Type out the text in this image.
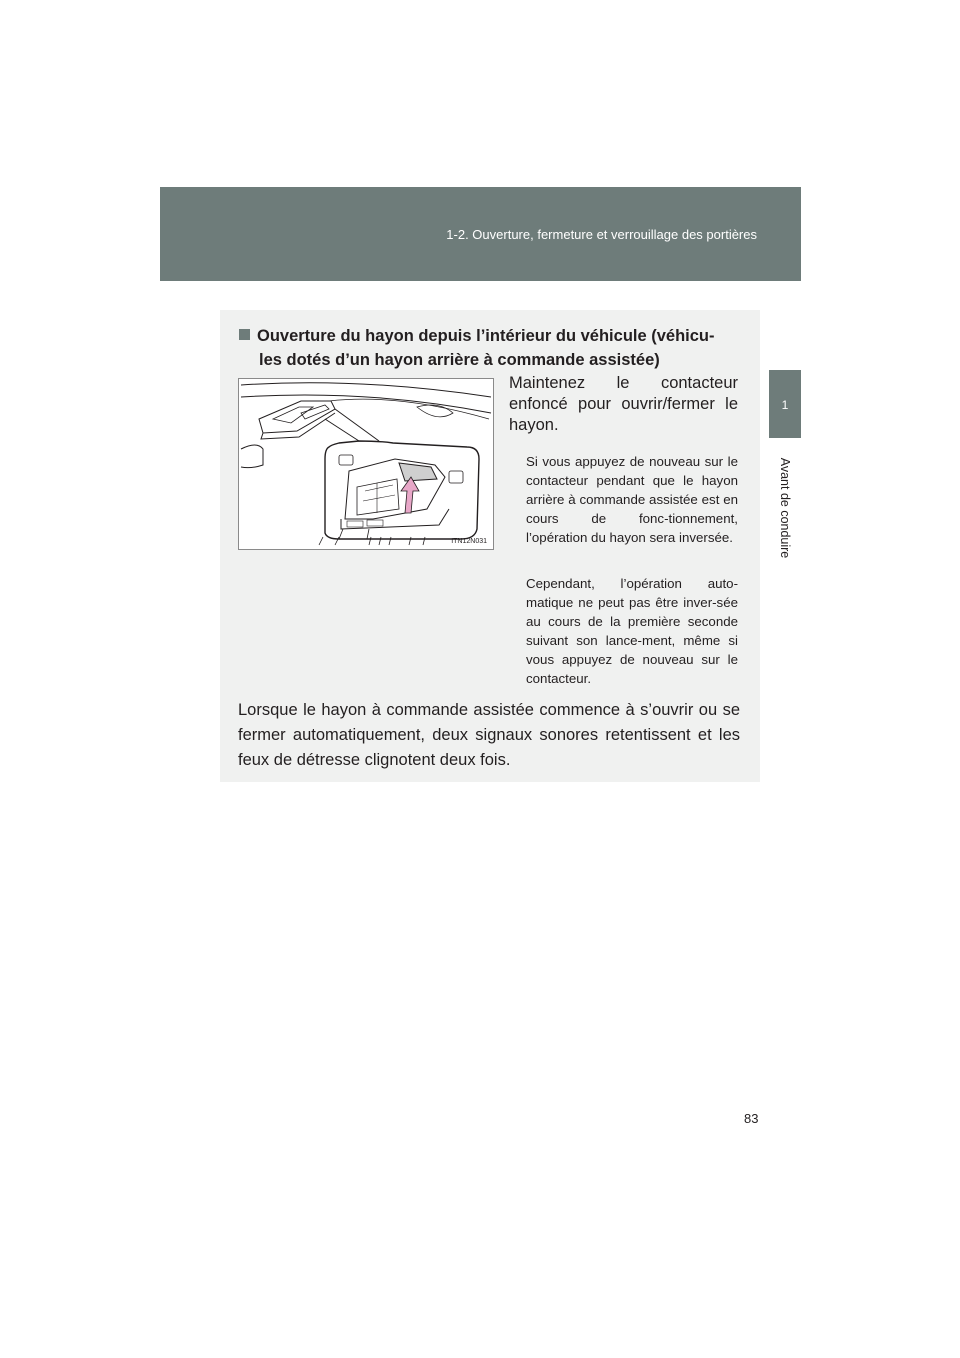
1-2. Ouverture, fermeture et verrouillage des portières
1
Avant de conduire
Ouverture du hayon depuis l’intérieur du véhicule (véhicu-
les dotés d’un hayon arrière à commande assistée)
ITN12N031
Maintenez le contacteur enfoncé pour ouvrir/fermer le hayon.
Si vous appuyez de nouveau sur le contacteur pendant que le hayon arrière à commande assistée est en cours de fonc-tionnement, l’opération du hayon sera inversée.
Cependant, l’opération auto-matique ne peut pas être inver-sée au cours de la première seconde suivant son lance-ment, même si vous appuyez de nouveau sur le contacteur.
Lorsque le hayon à commande assistée commence à s’ouvrir ou se fermer automatiquement, deux signaux sonores retentissent et les feux de détresse clignotent deux fois.
83
